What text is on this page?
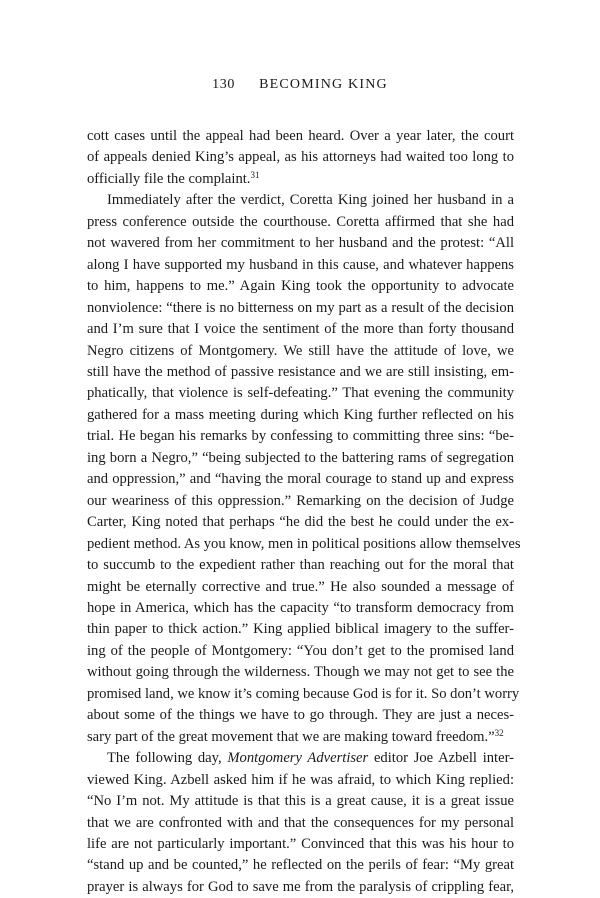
130 BECOMING KING

cott cases until the appeal had been heard. Over a year later, the court
of appeals denied King’s appeal, as his attorneys had waited too long to
officially file the complaint.$^{31}$

Immediately after the verdict, Coretta King joined her husband in a
press conference outside the courthouse. Coretta affirmed that she had
not wavered from her commitment to her husband and the protest: “All
along I have supported my husband in this cause, and whatever happens
to him, happens to me.” Again King took the opportunity to advocate
nonviolence: “there is no bitterness on my part as a result of the decision
and I’m sure that I voice the sentiment of the more than forty thousand
Negro citizens of Montgomery. We still have the attitude of love, we
still have the method of passive resistance and we are still insisting, em-
phatically, that violence is self-defeating.” That evening the community
gathered for a mass meeting during which King further reflected on his
trial. He began his remarks by confessing to committing three sins: “be-
ing born a Negro,” “being subjected to the battering rams of segregation
and oppression,” and “having the moral courage to stand up and express
our weariness of this oppression.” Remarking on the decision of Judge
Carter, King noted that perhaps “he did the best he could under the ex-
pedient method. As you know, men in political positions allow themselves
to succumb to the expedient rather than reaching out for the moral that
might be eternally corrective and true.” He also sounded a message of
hope in America, which has the capacity “to transform democracy from
thin paper to thick action.” King applied biblical imagery to the suffer-
ing of the people of Montgomery: “You don’t get to the promised land
without going through the wilderness. Though we may not get to see the
promised land, we know it’s coming because God is for it. So don’t worry
about some of the things we have to go through. They are just a neces-
sary part of the great movement that we are making toward freedom.”$^{32}$

The following day, Montgomery Advertiser editor Joe Azbell inter-
viewed King. Azbell asked him if he was afraid, to which King replied:
“No I’m not. My attitude is that this is a great cause, it is a great issue
that we are confronted with and that the consequences for my personal
life are not particularly important.” Convinced that this was his hour to
“stand up and be counted,” he reflected on the perils of fear: “My great
prayer is always for God to save me from the paralysis of crippling fear,
